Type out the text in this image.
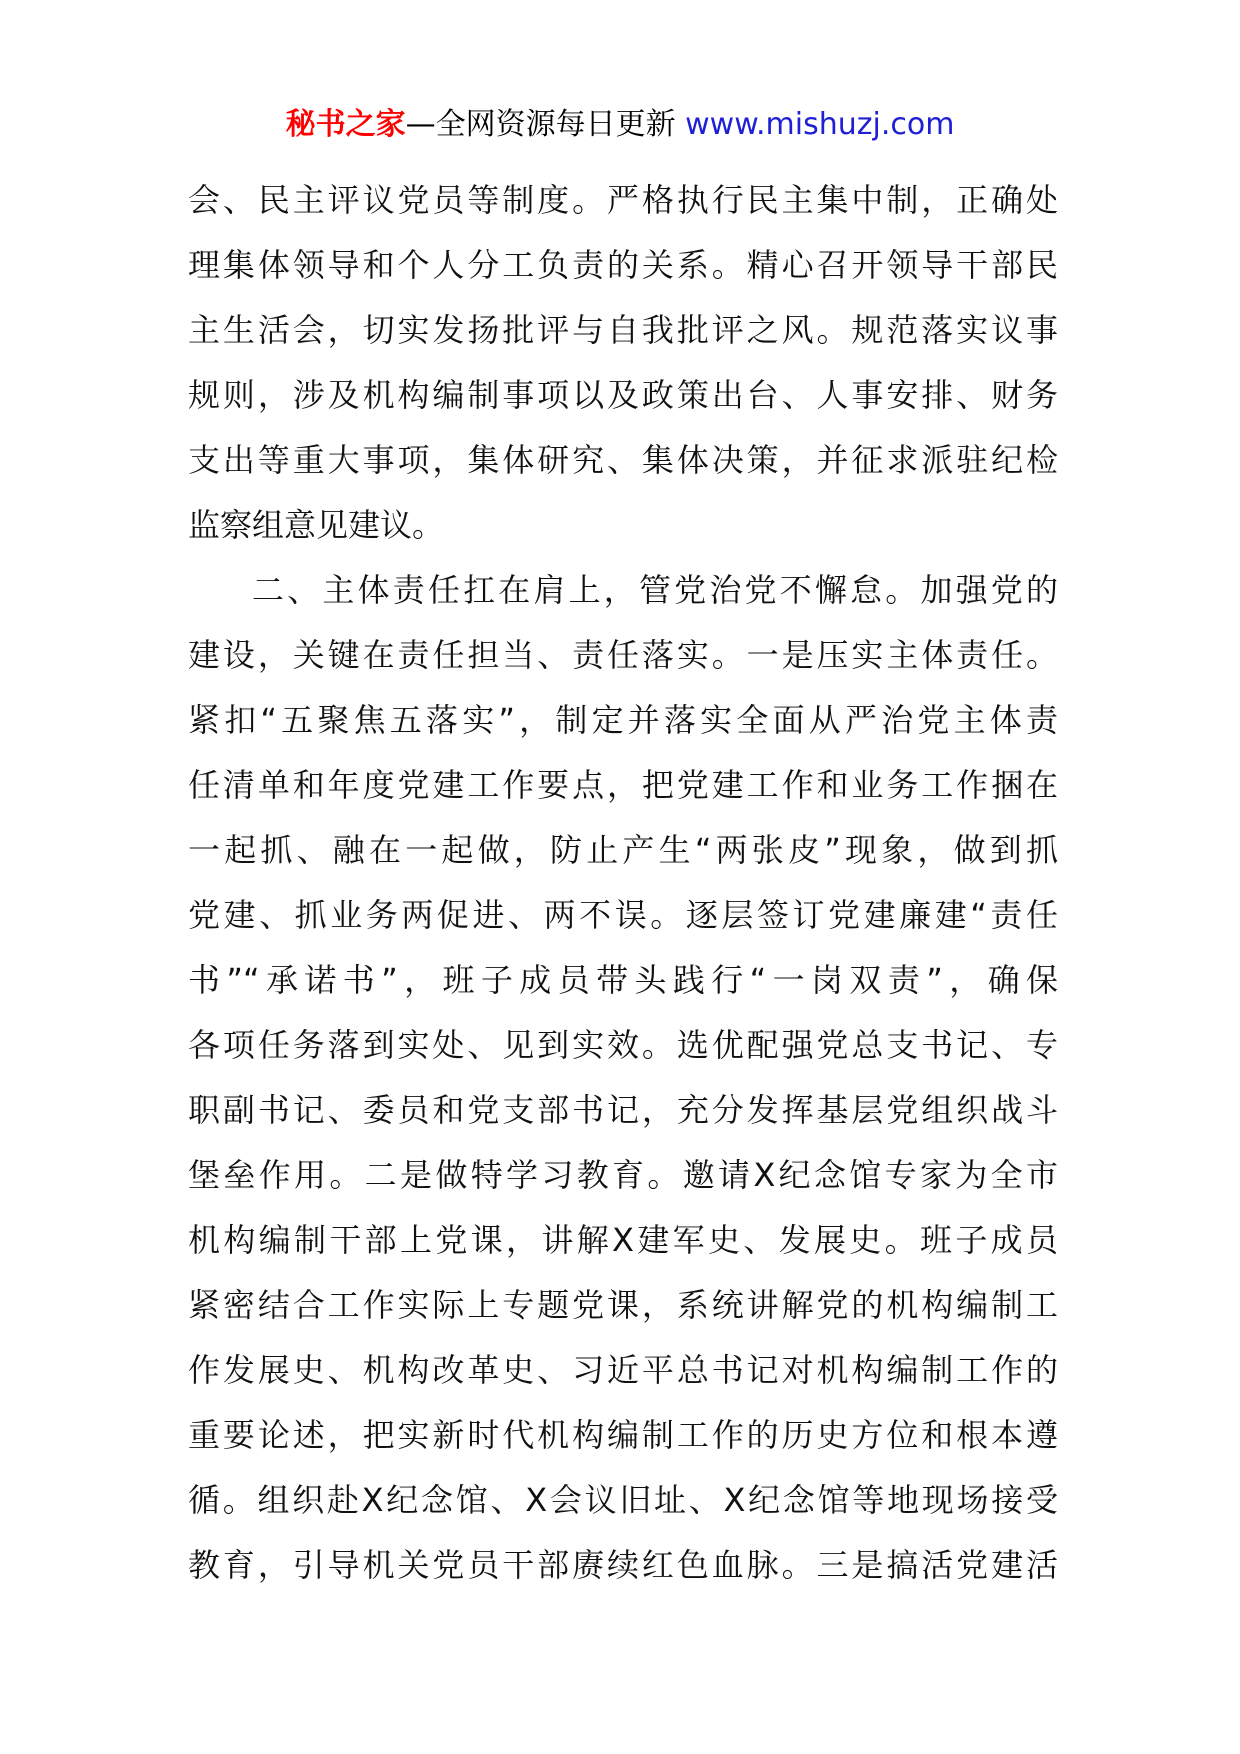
秘书之家—全网资源每日更新 www.mishuzj.com
会、民主评议党员等制度。严格执行民主集中制，正确处
理集体领导和个人分工负责的关系。精心召开领导干部民
主生活会，切实发扬批评与自我批评之风。规范落实议事
规则，涉及机构编制事项以及政策出台、人事安排、财务
支出等重大事项，集体研究、集体决策，并征求派驻纪检
监察组意见建议。
二、主体责任扛在肩上，管党治党不懈怠。加强党的
建设，关键在责任担当、责任落实。一是压实主体责任。
紧扣“五聚焦五落实”，制定并落实全面从严治党主体责
任清单和年度党建工作要点，把党建工作和业务工作捆在
一起抓、融在一起做，防止产生“两张皮”现象，做到抓
党建、抓业务两促进、两不误。逐层签订党建廉建“责任
书”“承诺书”，班子成员带头践行“一岗双责”，确保
各项任务落到实处、见到实效。选优配强党总支书记、专
职副书记、委员和党支部书记，充分发挥基层党组织战斗
堡垒作用。二是做特学习教育。邀请X纪念馆专家为全市
机构编制干部上党课，讲解X建军史、发展史。班子成员
紧密结合工作实际上专题党课，系统讲解党的机构编制工
作发展史、机构改革史、习近平总书记对机构编制工作的
重要论述，把实新时代机构编制工作的历史方位和根本遵
循。组织赴X纪念馆、X会议旧址、X纪念馆等地现场接受
教育，引导机关党员干部赓续红色血脉。三是搞活党建活
